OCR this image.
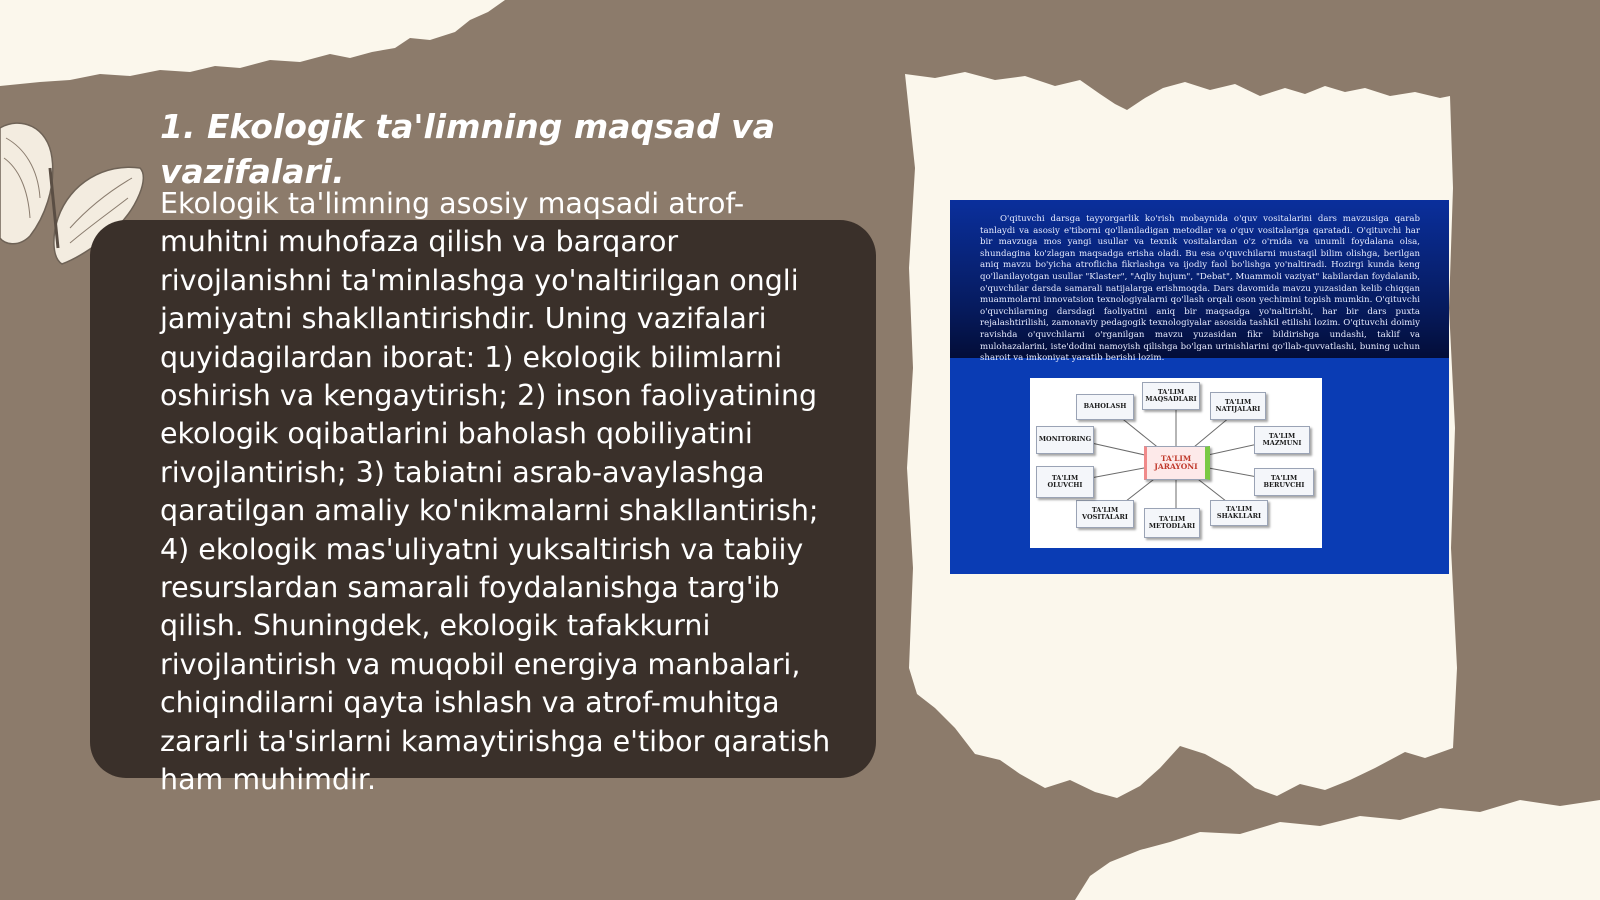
1. Ekologik ta'limning maqsad va vazifalari.

Ekologik ta'limning asosiy maqsadi atrof-muhitni muhofaza qilish va barqaror rivojlanishni ta'minlashga yo'naltirilgan ongli jamiyatni shakllantirishdir. Uning vazifalari quyidagilardan iborat: 1) ekologik bilimlarni oshirish va kengaytirish; 2) inson faoliyatining ekologik oqibatlarini baholash qobiliyatini rivojlantirish; 3) tabiatni asrab-avaylashga qaratilgan amaliy ko'nikmalarni shakllantirish; 4) ekologik mas'uliyatni yuksaltirish va tabiiy resurslardan samarali foydalanishga targ'ib qilish. Shuningdek, ekologik tafakkurni rivojlantirish va muqobil energiya manbalari, chiqindilarni qayta ishlash va atrof-muhitga zararli ta'sirlarni kamaytirishga e'tibor qaratish ham muhimdir.

O'qituvchi darsga tayyorgarlik ko'rish mobaynida o'quv vositalarini dars mavzusiga qarab tanlaydi va asosiy e'tiborni qo'llaniladigan metodlar va o'quv vositalariga qaratadi. O'qituvchi har bir mavzuga mos yangi usullar va texnik vositalardan o'z o'rnida va unumli foydalana olsa, shundagina ko'zlagan maqsadga erisha oladi. Bu esa o'quvchilarni mustaqil bilim olishga, berilgan aniq mavzu bo'yicha atroflicha fikrlashga va ijodiy faol bo'lishga yo'naltiradi. Hozirgi kunda keng qo'llanilayotgan usullar "Klaster", "Aqliy hujum", "Debat", Muammoli vaziyat" kabilardan foydalanib, o'quvchilar darsda samarali natijalarga erishmoqda. Dars davomida mavzu yuzasidan kelib chiqqan muammolarni innovatsion texnologiyalarni qo'llash orqali oson yechimini topish mumkin. O'qituvchi o'quvchilarning darsdagi faoliyatini aniq bir maqsadga yo'naltirishi, har bir dars puxta rejalashtirilishi, zamonaviy pedagogik texnologiyalar asosida tashkil etilishi lozim. O'qituvchi doimiy ravishda o'quvchilarni o'rganilgan mavzu yuzasidan fikr bildirishga undashi, taklif va mulohazalarini, iste'dodini namoyish qilishga bo'lgan urinishlarini qo'llab-quvvatlashi, buning uchun sharoit va imkoniyat yaratib berishi lozim.

TA'LIM MAQSADLARI	TA'LIM NATIJALARI
TA'LIM MAZMUNI
TA'LIM BERUVCHI
TA'LIM SHAKLLARI
TA'LIM METODLARI
TA'LIM VOSITALARI
TA'LIM OLUVCHI
MONITORING
BAHOLASH
TA'LIM JARAYONI
